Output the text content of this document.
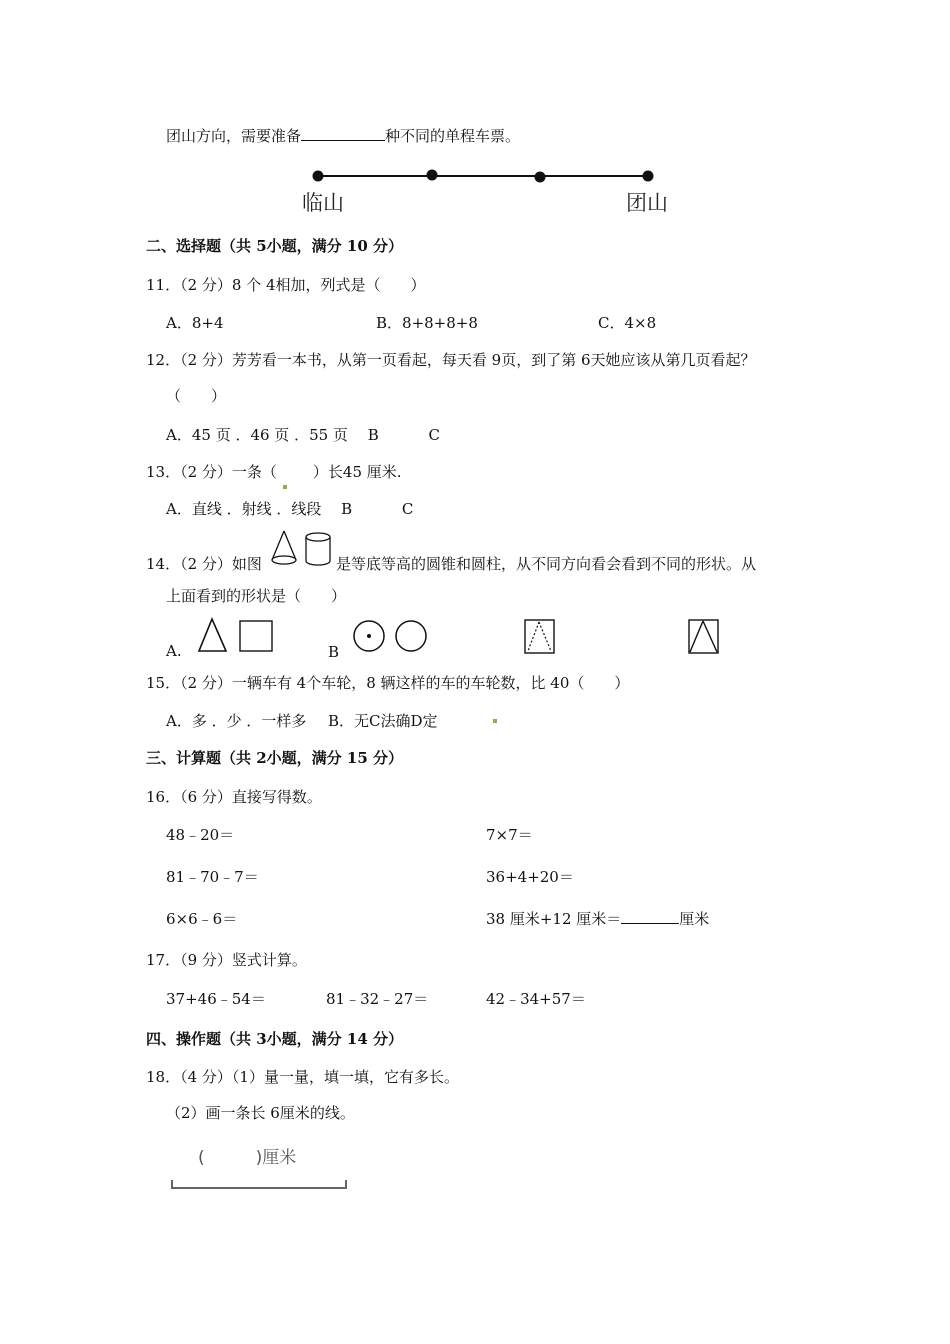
团山方向，需要准备	种不同的单程车票。
临山	团山
二、选择题（共 5小题，满分 10 分）
11．（2 分）8 个 4相加，列式是（　　）
A．8+4	B．8+8+8+8	C．4×8
12．（2 分）芳芳看一本书，从第一页看起，每天看 9页，到了第 6天她应该从第几页看起？
（　　）
A．45 页 ．46 页 ．55 页　 B　　　 C
13．（2 分）一条（ ）长45 厘米.
A．直线 ．射线 ．线段　 B　　　 C
14．（2 分）如图	是等底等高的圆锥和圆柱，从不同方向看会看到不同的形状。从
上面看到的形状是（　　）
A.	B
15．（2 分）一辆车有 4个车轮，8 辆这样的车的车轮数，比 40（　　）
A．多 ．少 ．一样多 B．无C法确D定
三、计算题（共 2小题，满分 15 分）
16．（6 分）直接写得数。
48﹣20＝	7×7＝
81﹣70﹣7＝	36+4+20＝
6×6﹣6＝	38 厘米+12 厘米＝	厘米
17．（9 分）竖式计算。
37+46﹣54＝	81﹣32﹣27＝	42﹣34+57＝
四、操作题（共 3小题，满分 14 分）
18．（4 分）（1）量一量，填一填，它有多长。
（2）画一条长 6厘米的线。
(　　　)厘米
